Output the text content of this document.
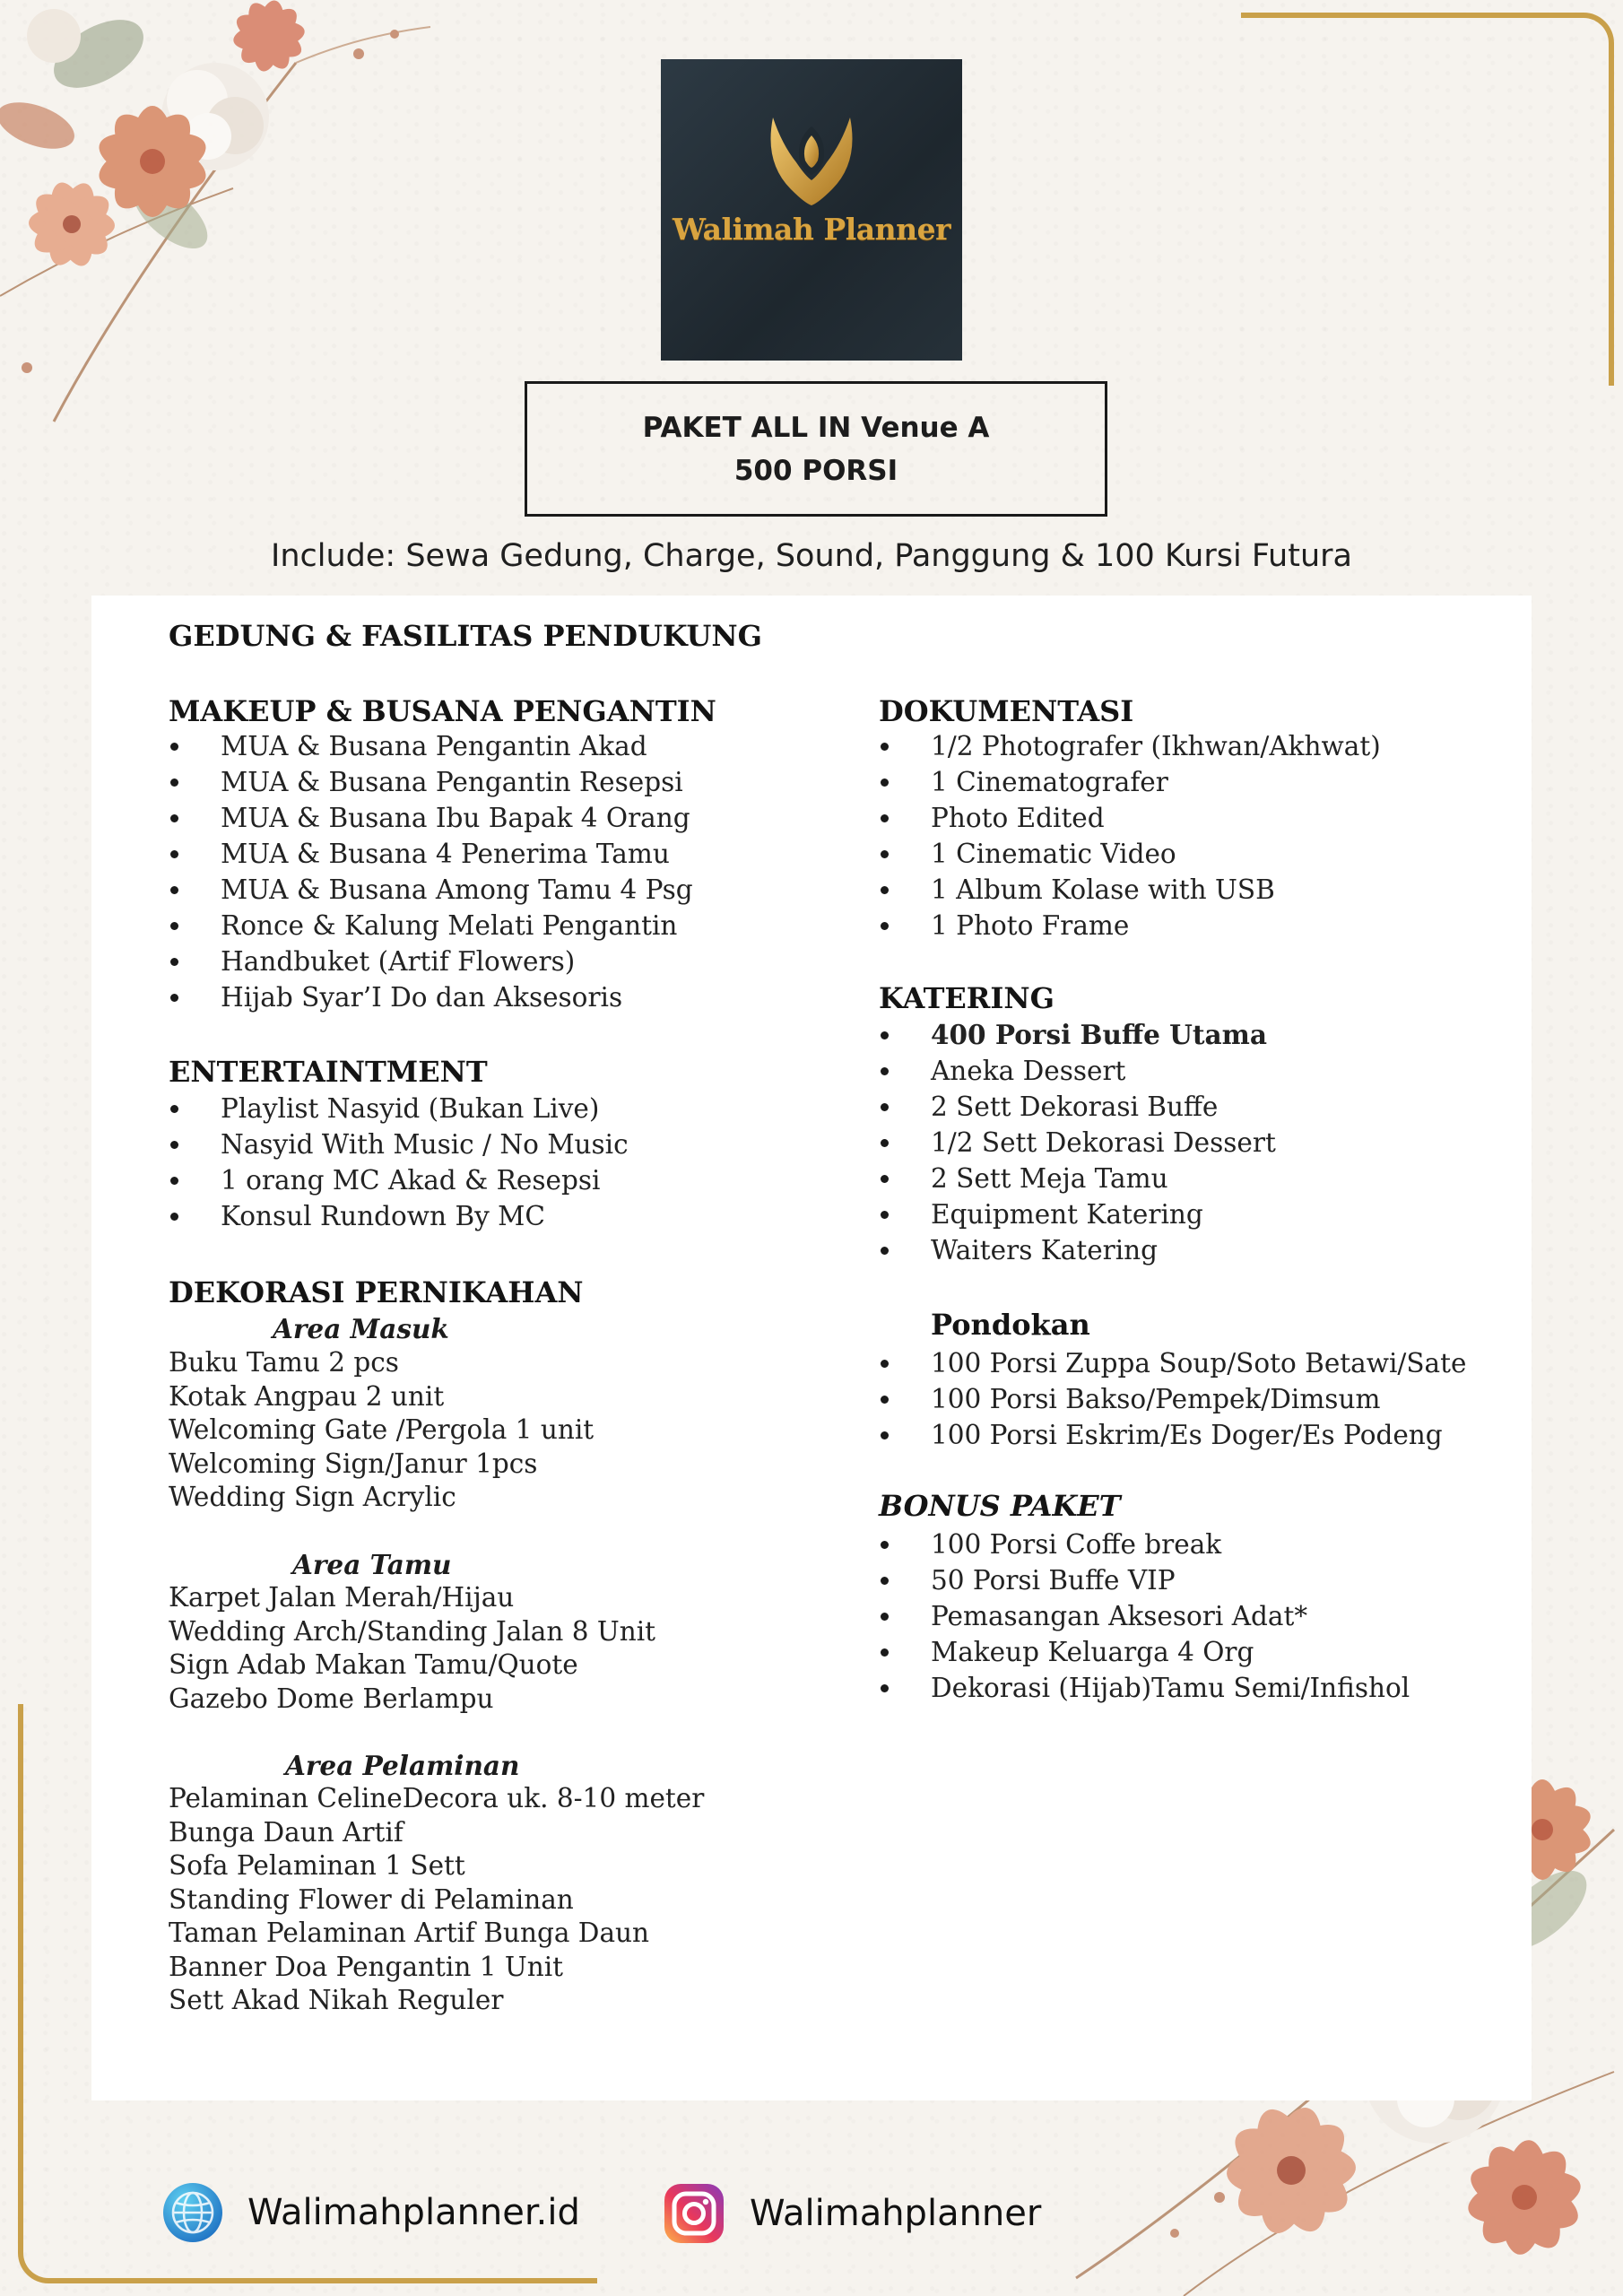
Walimah Planner
PAKET ALL IN Venue A
500 PORSI
Include: Sewa Gedung, Charge, Sound, Panggung & 100 Kursi Futura
GEDUNG & FASILITAS PENDUKUNG
MAKEUP & BUSANA PENGANTIN
MUA & Busana Pengantin Akad
MUA & Busana Pengantin Resepsi
MUA & Busana Ibu Bapak 4 Orang
MUA & Busana 4 Penerima Tamu
MUA & Busana Among Tamu 4 Psg
Ronce & Kalung Melati Pengantin
Handbuket (Artif Flowers)
Hijab Syar’I Do dan Aksesoris
ENTERTAINTMENT
Playlist Nasyid (Bukan Live)
Nasyid With Music / No Music
1 orang MC Akad & Resepsi
Konsul Rundown By MC
DEKORASI PERNIKAHAN
Area Masuk
Buku Tamu 2 pcs
Kotak Angpau 2 unit
Welcoming Gate /Pergola 1 unit
Welcoming Sign/Janur 1pcs
Wedding Sign Acrylic
Area Tamu
Karpet Jalan Merah/Hijau
Wedding Arch/Standing Jalan 8 Unit
Sign Adab Makan Tamu/Quote
Gazebo Dome Berlampu
Area Pelaminan
Pelaminan CelineDecora uk. 8-10 meter
Bunga Daun Artif
Sofa Pelaminan 1 Sett
Standing Flower di Pelaminan
Taman Pelaminan Artif Bunga Daun
Banner Doa Pengantin 1 Unit
Sett Akad Nikah Reguler
DOKUMENTASI
1/2 Photografer (Ikhwan/Akhwat)
1 Cinematografer
Photo Edited
1 Cinematic Video
1 Album Kolase with USB
1 Photo Frame
KATERING
400 Porsi Buffe Utama
Aneka Dessert
2 Sett Dekorasi Buffe
1/2 Sett Dekorasi Dessert
2 Sett Meja Tamu
Equipment Katering
Waiters Katering
Pondokan
100 Porsi Zuppa Soup/Soto Betawi/Sate
100 Porsi Bakso/Pempek/Dimsum
100 Porsi Eskrim/Es Doger/Es Podeng
BONUS PAKET
100 Porsi Coffe break
50 Porsi Buffe VIP
Pemasangan Aksesori Adat*
Makeup Keluarga 4 Org
Dekorasi (Hijab)Tamu Semi/Infishol
Walimahplanner.id	Walimahplanner
